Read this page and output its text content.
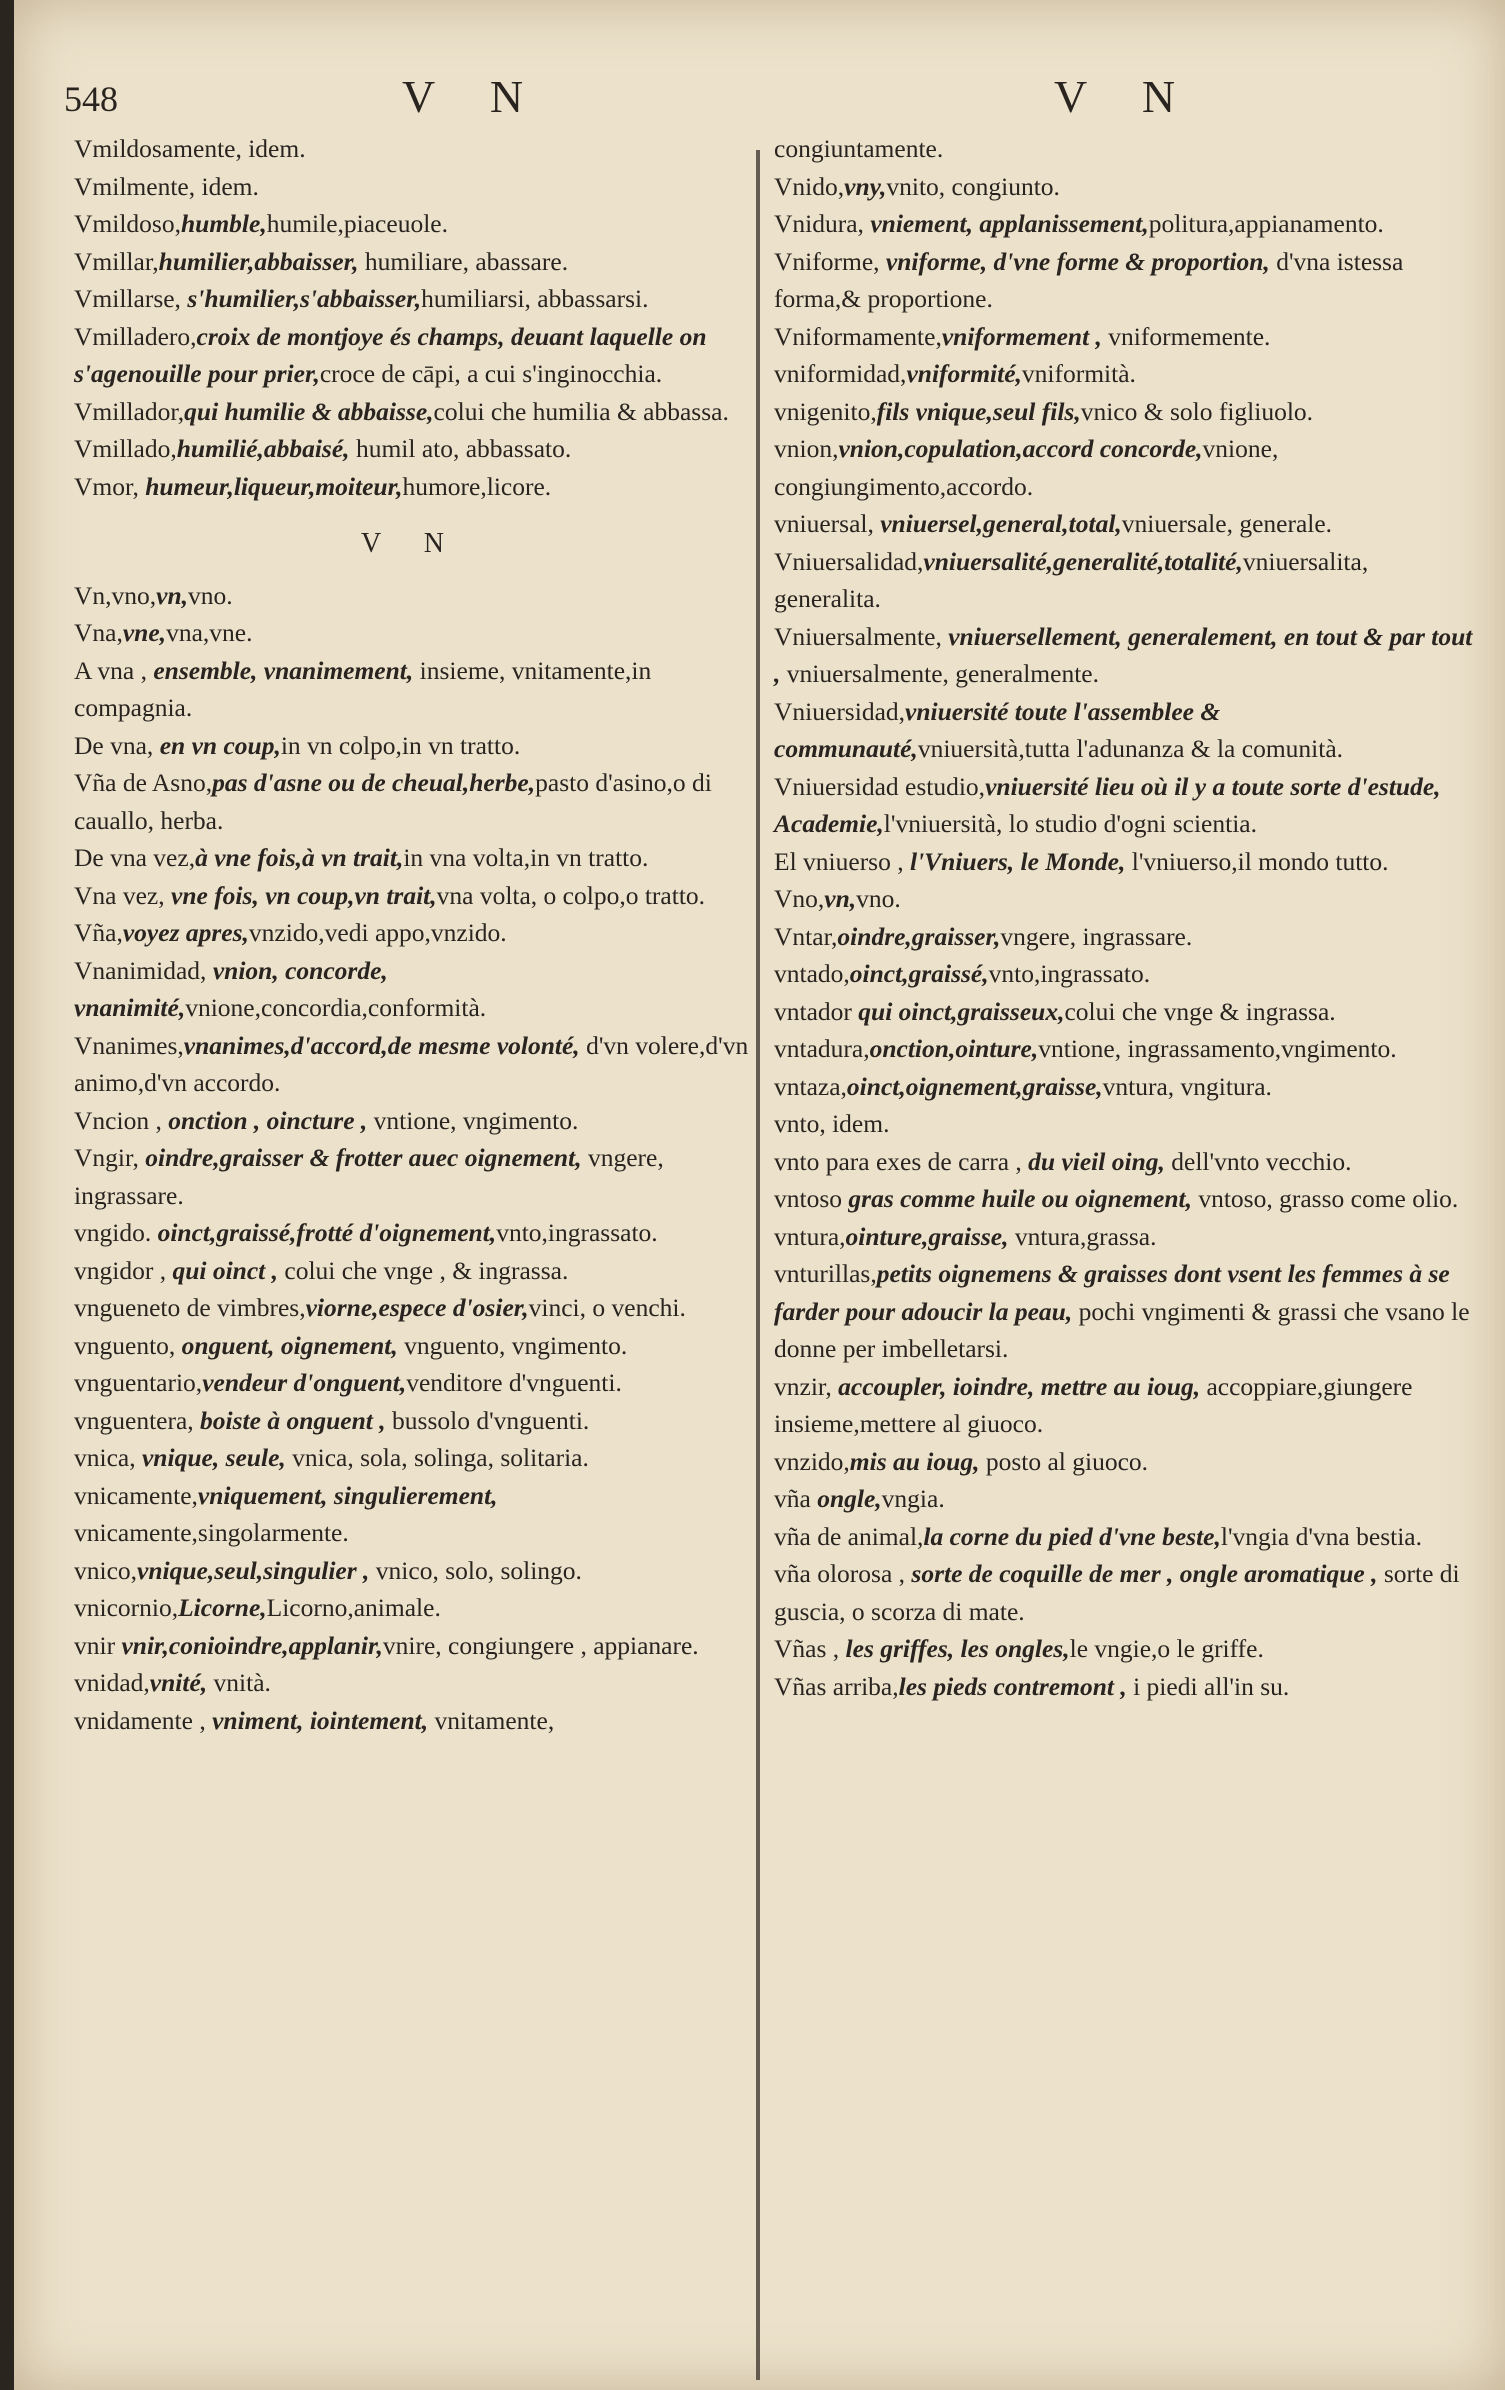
548	V N	V N

Vmildosamente, idem.

Vmilmente, idem.

Vmildoso,humble,humile,piaceuole.

Vmillar,humilier,abbaisser, humiliare, abassare.

Vmillarse, s'humilier,s'abbaisser,humiliarsi, abbassarsi.

Vmilladero,croix de montjoye és champs, deuant laquelle on s'agenouille pour prier,croce de cāpi, a cui s'inginocchia.

Vmillador,qui humilie & abbaisse,colui che humilia & abbassa.

Vmillado,humilié,abbaisé, humil ato, abbassato.

Vmor, humeur,liqueur,moiteur,humore,licore.

V N

Vn,vno,vn,vno.

Vna,vne,vna,vne.

A vna , ensemble, vnanimement, insieme, vnitamente,in compagnia.

De vna, en vn coup,in vn colpo,in vn tratto.

Vña de Asno,pas d'asne ou de cheual,herbe,pasto d'asino,o di cauallo, herba.

De vna vez,à vne fois,à vn trait,in vna volta,in vn tratto.

Vna vez, vne fois, vn coup,vn trait,vna volta, o colpo,o tratto.

Vña,voyez apres,vnzido,vedi appo,vnzido.

Vnanimidad, vnion, concorde, vnanimité,vnione,concordia,conformità.

Vnanimes,vnanimes,d'accord,de mesme volonté, d'vn volere,d'vn animo,d'vn accordo.

Vncion , onction , oincture , vntione, vngimento.

Vngir, oindre,graisser & frotter auec oignement, vngere, ingrassare.

vngido. oinct,graissé,frotté d'oignement,vnto,ingrassato.

vngidor , qui oinct , colui che vnge , & ingrassa.

vngueneto de vimbres,viorne,espece d'osier,vinci, o venchi.

vnguento, onguent, oignement, vnguento, vngimento.

vnguentario,vendeur d'onguent,venditore d'vnguenti.

vnguentera, boiste à onguent , bussolo d'vnguenti.

vnica, vnique, seule, vnica, sola, solinga, solitaria.

vnicamente,vniquement, singulierement, vnicamente,singolarmente.

vnico,vnique,seul,singulier , vnico, solo, solingo.

vnicornio,Licorne,Licorno,animale.

vnir vnir,conioindre,applanir,vnire, congiungere , appianare.

vnidad,vnité, vnità.

vnidamente , vniment, iointement, vnitamente,

congiuntamente.

Vnido,vny,vnito, congiunto.

Vnidura, vniement, applanissement,politura,appianamento.

Vniforme, vniforme, d'vne forme & proportion, d'vna istessa forma,& proportione.

Vniformamente,vniformement , vniformemente.

vniformidad,vniformité,vniformità.

vnigenito,fils vnique,seul fils,vnico & solo figliuolo.

vnion,vnion,copulation,accord concorde,vnione, congiungimento,accordo.

vniuersal, vniuersel,general,total,vniuersale, generale.

Vniuersalidad,vniuersalité,generalité,totalité,vniuersalita, generalita.

Vniuersalmente, vniuersellement, generalement, en tout & par tout , vniuersalmente, generalmente.

Vniuersidad,vniuersité toute l'assemblee & communauté,vniuersità,tutta l'adunanza & la comunità.

Vniuersidad estudio,vniuersité lieu où il y a toute sorte d'estude, Academie,l'vniuersità, lo studio d'ogni scientia.

El vniuerso , l'Vniuers, le Monde, l'vniuerso,il mondo tutto.

Vno,vn,vno.

Vntar,oindre,graisser,vngere, ingrassare.

vntado,oinct,graissé,vnto,ingrassato.

vntador qui oinct,graisseux,colui che vnge & ingrassa.

vntadura,onction,ointure,vntione, ingrassamento,vngimento.

vntaza,oinct,oignement,graisse,vntura, vngitura.

vnto, idem.

vnto para exes de carra , du vieil oing, dell'vnto vecchio.

vntoso gras comme huile ou oignement, vntoso, grasso come olio.

vntura,ointure,graisse, vntura,grassa.

vnturillas,petits oignemens & graisses dont vsent les femmes à se farder pour adoucir la peau, pochi vngimenti & grassi che vsano le donne per imbelletarsi.

vnzir, accoupler, ioindre, mettre au ioug, accoppiare,giungere insieme,mettere al giuoco.

vnzido,mis au ioug, posto al giuoco.

vña ongle,vngia.

vña de animal,la corne du pied d'vne beste,l'vngia d'vna bestia.

vña olorosa , sorte de coquille de mer , ongle aromatique , sorte di guscia, o scorza di mate.

Vñas , les griffes, les ongles,le vngie,o le griffe.

Vñas arriba,les pieds contremont , i piedi all'in su.
